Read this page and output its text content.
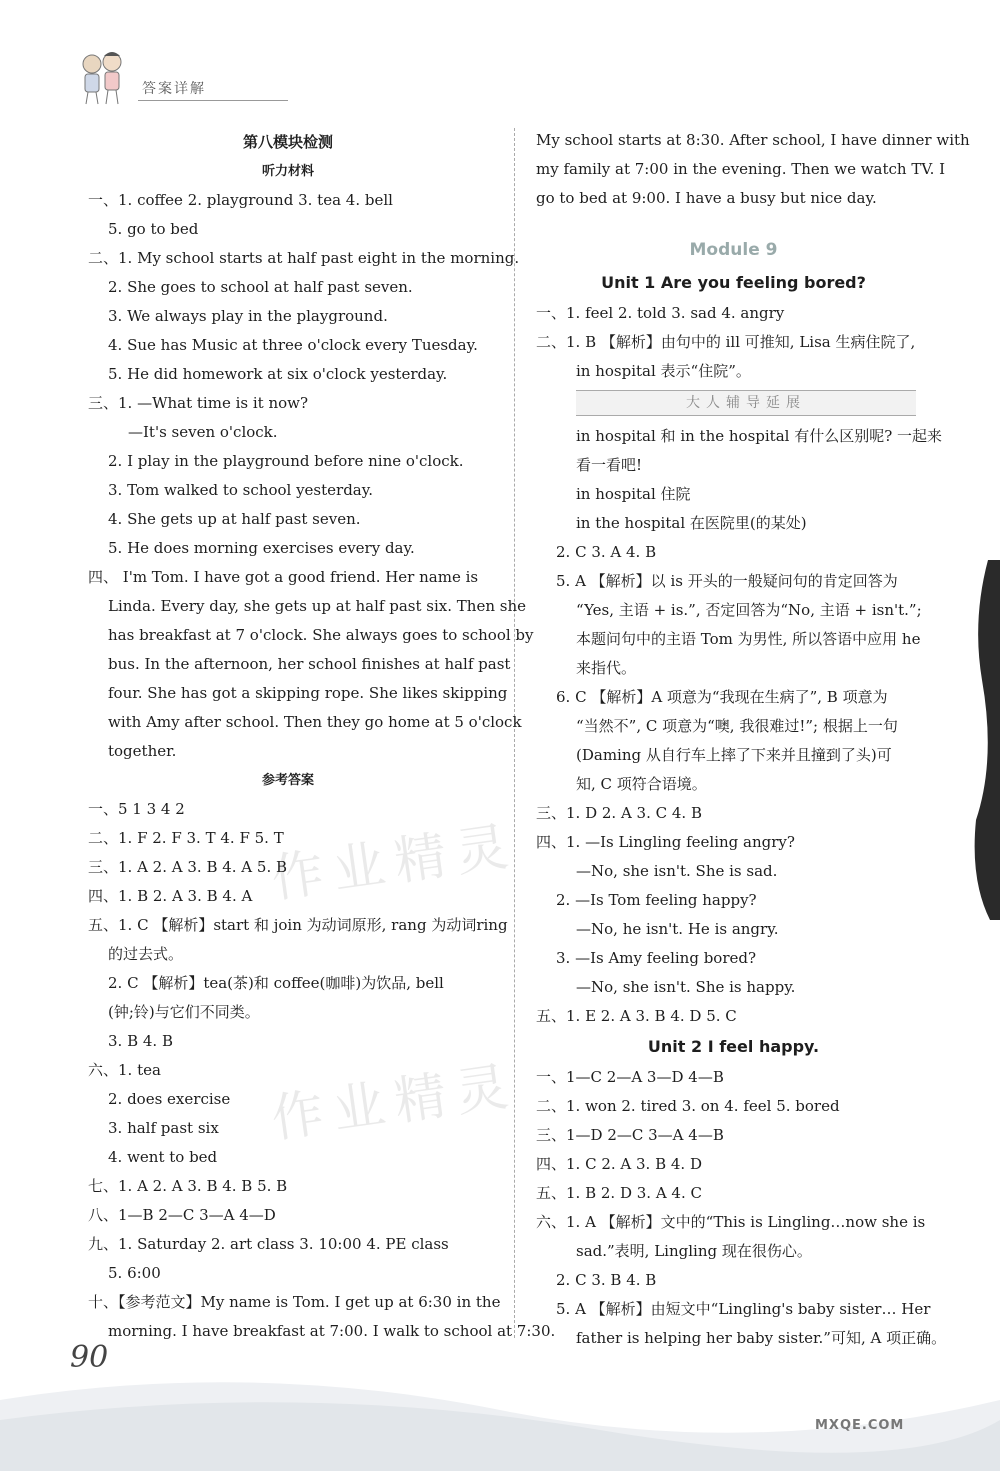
答案详解
作业精灵
作业精灵
第八模块检测
听力材料
一、1. coffee 2. playground 3. tea 4. bell
5. go to bed
二、1. My school starts at half past eight in the morning.
2. She goes to school at half past seven.
3. We always play in the playground.
4. Sue has Music at three o'clock every Tuesday.
5. He did homework at six o'clock yesterday.
三、1. —What time is it now?
—It's seven o'clock.
2. I play in the playground before nine o'clock.
3. Tom walked to school yesterday.
4. She gets up at half past seven.
5. He does morning exercises every day.
四、 I'm Tom. I have got a good friend. Her name is
Linda. Every day, she gets up at half past six. Then she
has breakfast at 7 o'clock. She always goes to school by
bus. In the afternoon, her school finishes at half past
four. She has got a skipping rope. She likes skipping
with Amy after school. Then they go home at 5 o'clock
together.
参考答案
一、5 1 3 4 2
二、1. F 2. F 3. T 4. F 5. T
三、1. A 2. A 3. B 4. A 5. B
四、1. B 2. A 3. B 4. A
五、1. C 【解析】start 和 join 为动词原形, rang 为动词ring
的过去式。
2. C 【解析】tea(茶)和 coffee(咖啡)为饮品, bell
(钟;铃)与它们不同类。
3. B 4. B
六、1. tea
2. does exercise
3. half past six
4. went to bed
七、1. A 2. A 3. B 4. B 5. B
八、1—B 2—C 3—A 4—D
九、1. Saturday 2. art class 3. 10:00 4. PE class
5. 6:00
十、【参考范文】My name is Tom. I get up at 6:30 in the
morning. I have breakfast at 7:00. I walk to school at 7:30.
My school starts at 8:30. After school, I have dinner with
my family at 7:00 in the evening. Then we watch TV. I
go to bed at 9:00. I have a busy but nice day.
Module 9
Unit 1 Are you feeling bored?
一、1. feel 2. told 3. sad 4. angry
二、1. B 【解析】由句中的 ill 可推知, Lisa 生病住院了,
in hospital 表示“住院”。
大人辅导延展
in hospital 和 in the hospital 有什么区别呢? 一起来
看一看吧!
in hospital 住院
in the hospital 在医院里(的某处)
2. C 3. A 4. B
5. A 【解析】以 is 开头的一般疑问句的肯定回答为
“Yes, 主语 + is.”, 否定回答为“No, 主语 + isn't.”;
本题问句中的主语 Tom 为男性, 所以答语中应用 he
来指代。
6. C 【解析】A 项意为“我现在生病了”, B 项意为
“当然不”, C 项意为“噢, 我很难过!”; 根据上一句
(Daming 从自行车上摔了下来并且撞到了头)可
知, C 项符合语境。
三、1. D 2. A 3. C 4. B
四、1. —Is Lingling feeling angry?
—No, she isn't. She is sad.
2. —Is Tom feeling happy?
—No, he isn't. He is angry.
3. —Is Amy feeling bored?
—No, she isn't. She is happy.
五、1. E 2. A 3. B 4. D 5. C
Unit 2 I feel happy.
一、1—C 2—A 3—D 4—B
二、1. won 2. tired 3. on 4. feel 5. bored
三、1—D 2—C 3—A 4—B
四、1. C 2. A 3. B 4. D
五、1. B 2. D 3. A 4. C
六、1. A 【解析】文中的“This is Lingling…now she is
sad.”表明, Lingling 现在很伤心。
2. C 3. B 4. B
5. A 【解析】由短文中“Lingling's baby sister… Her
father is helping her baby sister.”可知, A 项正确。
90
MXQE.COM
